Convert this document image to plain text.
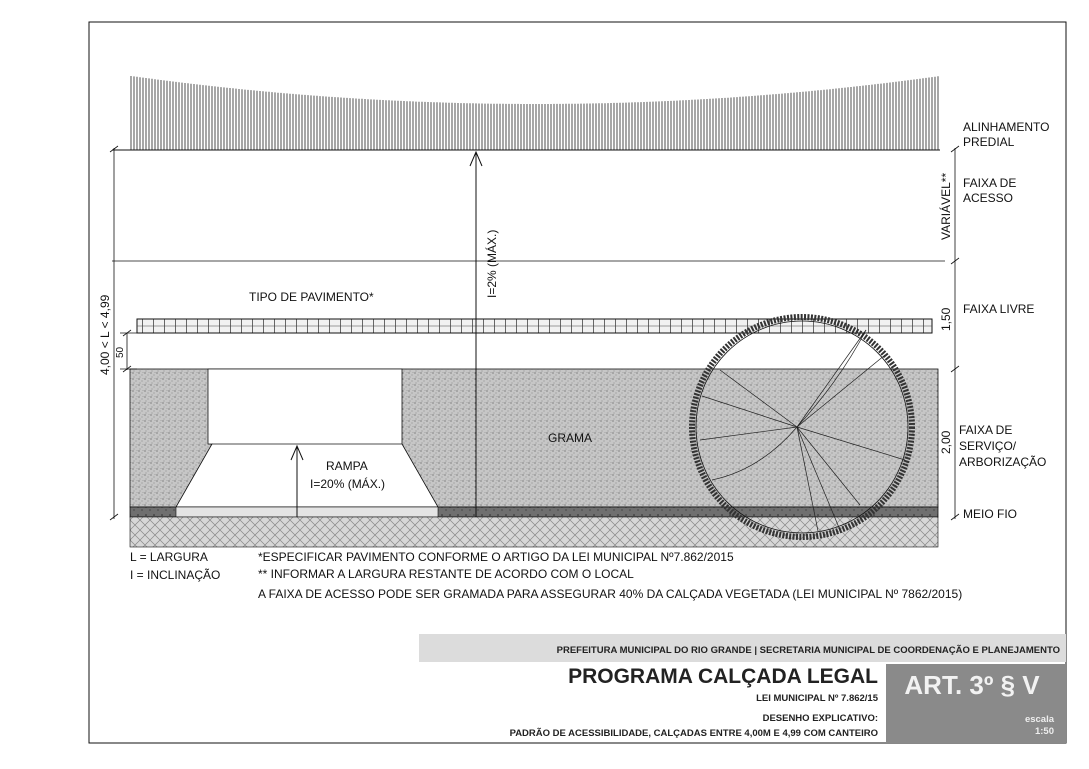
ALINHAMENTO
PREDIAL
FAIXA DE
ACESSO
FAIXA LIVRE
FAIXA DE
SERVIÇO/
ARBORIZAÇÃO
MEIO FIO
TIPO DE PAVIMENTO*
GRAMA
RAMPA
I=20% (MÁX.)
I=2% (MÁX.)
VARIÁVEL**
1,50
2,00
4,00 < L < 4,99 50
L = LARGURA
I = INCLINAÇÃO
*ESPECIFICAR PAVIMENTO CONFORME O ARTIGO DA LEI MUNICIPAL Nº7.862/2015
** INFORMAR A LARGURA RESTANTE DE ACORDO COM O LOCAL
A FAIXA DE ACESSO PODE SER GRAMADA PARA ASSEGURAR 40% DA CALÇADA VEGETADA (LEI MUNICIPAL Nº 7862/2015)
PREFEITURA MUNICIPAL DO RIO GRANDE | SECRETARIA MUNICIPAL DE COORDENAÇÃO E PLANEJAMENTO
PROGRAMA CALÇADA LEGAL
LEI MUNICIPAL Nº 7.862/15
DESENHO EXPLICATIVO:
PADRÃO DE ACESSIBILIDADE, CALÇADAS ENTRE 4,00M E 4,99 COM CANTEIRO
ART. 3º § V
escala
1:50
